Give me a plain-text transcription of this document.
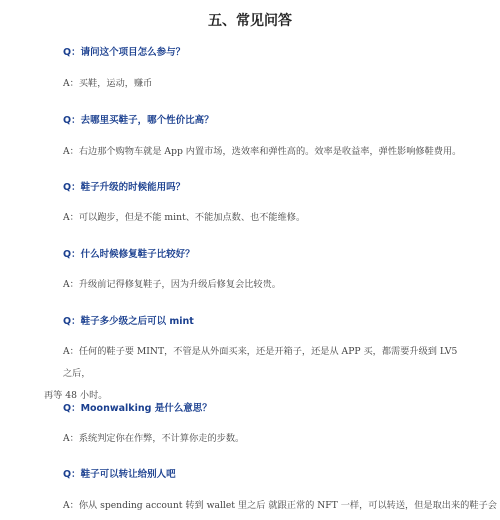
五、常见问答
Q：请问这个项目怎么参与？
A：买鞋，运动，赚币
Q：去哪里买鞋子，哪个性价比高？
A：右边那个购物车就是 App 内置市场，选效率和弹性高的。效率是收益率，弹性影响修鞋费用。
Q：鞋子升级的时候能用吗？
A：可以跑步，但是不能 mint、不能加点数、也不能维修。
Q：什么时候修复鞋子比较好？
A：升级前记得修复鞋子，因为升级后修复会比较贵。
Q：鞋子多少级之后可以 mint
A：任何的鞋子要 MINT，不管是从外面买来，还是开箱子，还是从 APP 买，都需要升级到 LV5 之后，
再等 48 小时。
Q：Moonwalking 是什么意思？
A：系统判定你在作弊，不计算你走的步数。
Q：鞋子可以转让给别人吧
A：你从 spending account 转到 wallet 里之后 就跟正常的 NFT 一样，可以转送，但是取出来的鞋子会
